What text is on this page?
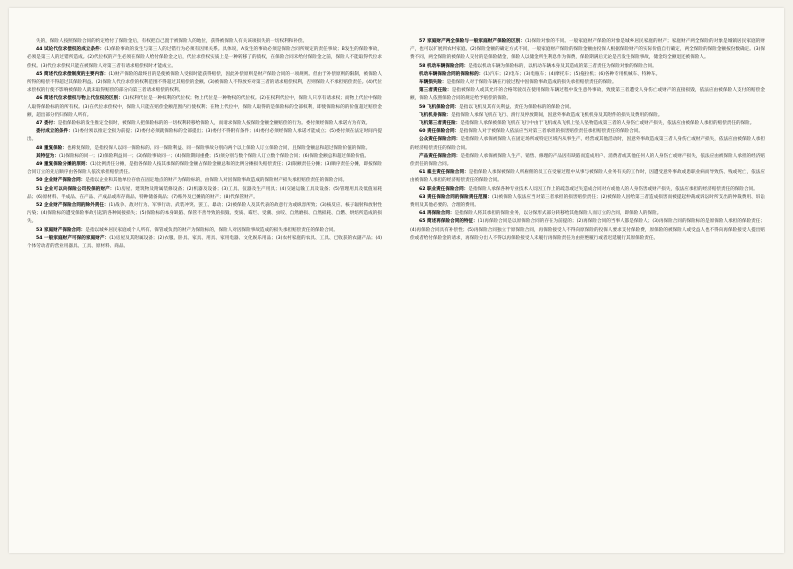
失的，保险人按照保险合同的约定给付了保险金后，有权把自己置于被保险人的地位，获得被保险人有关该项损失的一切权利和补偿。

44 试论代位求偿权的成立条件：(1)保险事故的发生与第三人的过错行为必须有因果关系。具体说，A发生的事故必须是保险合同所规定的责任事故；B发生的保险事故，必须是第三人的过错所造成。(2)代位权的产生必须在保险人给付保险金之后，代位求偿权实质上是一种转移了的债权，在保险合同未给付保险金之前，保险人不能取得代位求偿权。(3)代位求偿权只能在被保险人对第三者有请求赔偿权时才能成立。

45 简述代位求偿制度的主要内容：(1)财产保险的最终目的是使被保险人受损时能获得赔偿，因此补偿原则是财产保险合同的一项规则。但由于补偿原则的限制，被保险人所得的赔偿不得超过其保险利益。(2)保险人代位求偿的权利范围不得超过其赔偿的金额。(3)被保险人不得放弃对第三者的请求赔偿权利，否则保险人不承担赔偿责任。(4)代位求偿权的行使不影响被保险人就未取得赔偿的部分向第三者请求赔偿的权利。

46 简述代位求偿权与物上代位权的区别：(1)权利代位是一种权利的代位权；物上代位是一种物权的代位权。(2)在权利代位中，保险人只享有请求权；而物上代位中保险人取得保险标的的所有权。(3)在代位求偿权中，保险人只能在赔偿金额范围内行使权利；在物上代位中，保险人取得的是保险标的全部权利，即使保险标的的价值超过赔偿金额，超出部分仍归保险人所有。

47 委付：是指保险标的发生推定全损时，被保险人把保险标的的一切权利转移给保险人，而请求保险人按保险金额全额赔偿的行为。委付须经保险人承诺方为有效。

委付成立的条件：(1)委付须以推定全损为前提；(2)委付必须就保险标的全部提出；(3)委付不得附有条件；(4)委付必须经保险人承诺才能成立；(5)委付须在法定时间内提出。

48 重复保险：也称复保险，是指投保人以同一保险标的、同一保险利益、同一保险事故分别向两个以上保险人订立保险合同，且保险金额总和超过保险价值的保险。

其特征为：(1)保险标的同一；(2)保险利益同一；(3)保险事故同一；(4)保险期间重叠；(5)须分别与数个保险人订立数个保险合同；(6)保险金额总和超过保险价值。

49 重复保险分摊的原则：(1)比例责任分摊，是指各保险人按其承保的保险金额占保险金额总和的比例分摊损失赔偿责任；(2)限额责任分摊；(3)顺序责任分摊，即按保险合同订立的先后顺序由各保险人依次承担赔偿责任。

50 企业财产保险合同：是指以企业和其他单位存放在固定地点的财产为保险标的，由保险人对因保险事故造成的保险财产损失承担赔偿责任的保险合同。

51 企业可以向保险公司投保的财产：(1)房屋、建筑物及附属装修设备；(2)机器及设备；(3)工具、仪器及生产用具；(4)交通运输工具及设备；(5)管理用具及低值易耗品；(6)原材料、半成品、在产品、产成品或库存商品、特种储备商品；(7)账外及已摊销的财产；(8)代保管财产。

52 企业财产保险合同的除外责任：(1)战争、敌对行为、军事行动、武装冲突、罢工、暴动；(2)被保险人及其代表的故意行为或纵容所致；(3)核反应、核子辐射和放射性污染；(4)保险标的遭受保险事故引起的各种间接损失；(5)保险标的本身缺陷、保管不善导致的损毁、变质、霉烂、受潮、虫咬、自然磨损、自然损耗、自燃、烘焙所造成的损失。

53 家庭财产保险合同：是指以城乡居民家庭或个人所有、保管或负责的财产为保险标的，保险人对因保险事故造成的损失承担赔偿责任的保险合同。

54 一般家庭财产可保的家庭财产：(1)房屋及其附属设备；(2)衣服、卧具、家具、用具、家用电器、文化娱乐用品；(3)农村家庭的农具、工具、已收获的农副产品；(4)个体劳动者的营业用器具、工具、原材料、商品。

57 家庭财产两全保险与一般家庭财产保险的区别：(1)保险对象的不同。一般家庭财产保险的对象是城乡居民家庭的财产；家庭财产两全保险的对象是城镇居民家庭的财产，也可以扩展到农村家庭。(2)保险金额的确定方式不同，一般家庭财产保险的保险金额由投保人根据保险财产的实际价值自行确定，两全保险的保险金额按份数确定。(3)保费不同，两全保险的被保险人交付的是保险储金，保险人以储金所生利息作为保费，保险期满后无论是否发生保险事故，储金均全额退还被保险人。

58 机动车辆保险合同：是指以机动车辆为保险标的，以机动车辆本身及其造成的第三者责任为保险对象的保险合同。

机动车辆保险合同的保险标的：(1)汽车；(2)电车；(3)电瓶车；(4)摩托车；(5)拖拉机；(6)各种专用机械车、特种车。

车辆损失险：是指保险人对于保险车辆在行驶过程中因保险事故造成的损失承担赔偿责任的保险。

第三者责任险：是指被保险人或其允许的合格驾驶员在使用保险车辆过程中发生意外事故，致使第三者遭受人身伤亡或财产的直接损毁，依法应由被保险人支付的赔偿金额，保险人依照保险合同的规定给予赔偿的保险。

59 飞机保险合同：是指以飞机及其有关利益、责任为保险标的的保险合同。

飞机机身保险：是指保险人承保飞机在飞行、滑行及停放期间，因意外事故造成飞机机身及其附件的损失及费用的保险。

飞机第三者责任险：是指保险人承保被保险飞机在飞行中由于飞机或从飞机上坠人坠物造成第三者的人身伤亡或财产损失，依法应由被保险人承担的赔偿责任的保险。

60 责任保险合同：是指保险人对于被保险人依法应当对第三者承担的损害赔偿责任承担赔偿责任的保险合同。

公众责任保险合同：是指保险人承保被保险人在固定场所或特定区域内从事生产、经营或其他活动时，因意外事故造成第三者人身伤亡或财产损失，依法应由被保险人承担的经济赔偿责任的保险合同。

产品责任保险合同：是指保险人承保被保险人生产、销售、修理的产品因有缺陷而造成用户、消费者或其他任何人的人身伤亡或财产损失，依法应由被保险人承担的经济赔偿责任的保险合同。

61 雇主责任保险合同：是指保险人承保被保险人所雇佣的员工在受雇过程中从事与被保险人业务有关的工作时，因遭受意外事故或患职业病而导致伤、残或死亡，依法应由被保险人承担的经济赔偿责任的保险合同。

62 职业责任保险合同：是指保险人承保各种专业技术人员因工作上的疏忽或过失造成合同对方或他人的人身伤害或财产损失，依法应承担的经济赔偿责任的保险合同。

63 责任保险合同的保险责任范围：(1)被保险人依法应当对第三者承担的损害赔偿责任；(2)被保险人因给第三者造成损害而被提起仲裁或诉讼时所支出的仲裁费用、诉讼费用及其他必要的、合理的费用。

64 再保险合同：是指保险人将其承担的保险业务，以分保形式部分转移给其他保险人而订立的合同，即保险人的保险。

65 简述再保险合同的特征：(1)再保险合同是以原保险合同的存在为前提的；(2)再保险合同的当事人都是保险人；(3)再保险合同的保险标的是原保险人承担的保险责任；(4)再保险合同具有补偿性；(5)再保险合同独立于原保险合同，再保险接受人不得向原保险的投保人要求支付保险费，原保险的被保险人或受益人也不得向再保险接受人提出赔偿或者给付保险金的请求，再保险分出人不得以再保险接受人未履行再保险责任为由拒绝履行或者迟延履行其原保险责任。
